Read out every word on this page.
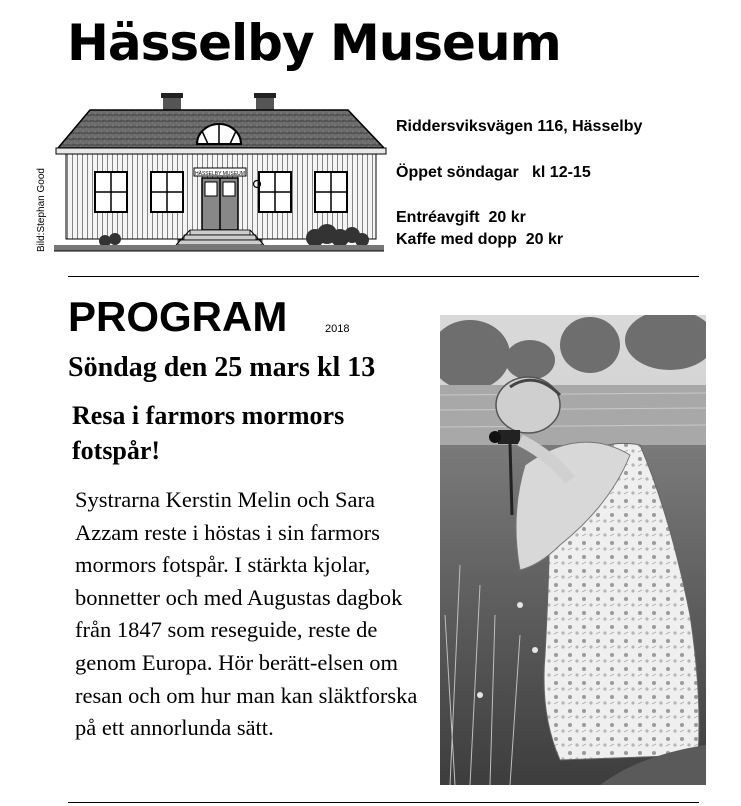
Hässelby Museum
HÄSSELBY MUSEUM
Bild:Stephan Good

Riddersviksvägen 116, Hässelby

Öppet söndagar   kl 12-15

Entréavgift  20 kr

Kaffe med dopp  20 kr

PROGRAM	2018
Söndag den 25 mars kl 13
Resa i farmors mormors fotspår!

Systrarna Kerstin Melin och Sara Azzam reste i höstas i sin farmors mormors fotspår. I stärkta kjolar, bonnetter och med Augustas dagbok från 1847 som reseguide, reste de genom Europa. Hör berätt-elsen om resan och om hur man kan släktforska på ett annorlunda sätt.
